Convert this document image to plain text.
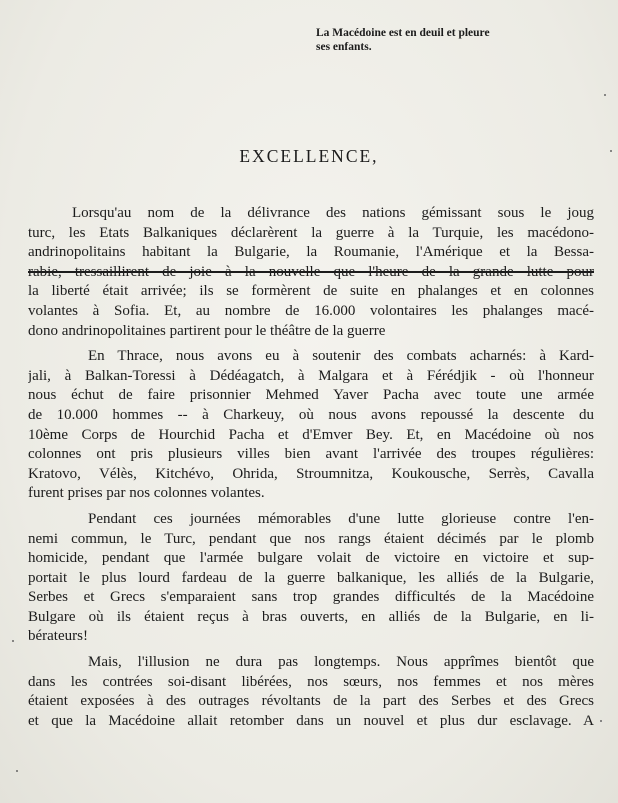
La Macédoine est en deuil et pleure

ses enfants.
EXCELLENCE,
Lorsqu'au nom de la délivrance des nations gémissant sous le joug
turc, les Etats Balkaniques déclarèrent la guerre à la Turquie, les macédono-
andrinopolitains habitant la Bulgarie, la Roumanie, l'Amérique et la Bessa-
rabie, tressaillirent de joie à la nouvelle que l'heure de la grande lutte pour
la liberté était arrivée; ils se formèrent de suite en phalanges et en colonnes
volantes à Sofia. Et, au nombre de 16.000 volontaires les phalanges macé-
dono andrinopolitaines partirent pour le théâtre de la guerre
En Thrace, nous avons eu à soutenir des combats acharnés: à Kard-
jali, à Balkan-Toressi à Dédéagatch, à Malgara et à Férédjik - où l'honneur
nous échut de faire prisonnier Mehmed Yaver Pacha avec toute une armée
de 10.000 hommes -- à Charkeuy, où nous avons repoussé la descente du
10ème Corps de Hourchid Pacha et d'Emver Bey. Et, en Macédoine où nos
colonnes ont pris plusieurs villes bien avant l'arrivée des troupes régulières:
Kratovo, Vélès, Kitchévo, Ohrida, Stroumnitza, Koukousche, Serrès, Cavalla
furent prises par nos colonnes volantes.
Pendant ces journées mémorables d'une lutte glorieuse contre l'en-
nemi commun, le Turc, pendant que nos rangs étaient décimés par le plomb
homicide, pendant que l'armée bulgare volait de victoire en victoire et sup-
portait le plus lourd fardeau de la guerre balkanique, les alliés de la Bulgarie,
Serbes et Grecs s'emparaient sans trop grandes difficultés de la Macédoine
Bulgare où ils étaient reçus à bras ouverts, en alliés de la Bulgarie, en li-
bérateurs!
Mais, l'illusion ne dura pas longtemps. Nous apprîmes bientôt que
dans les contrées soi-disant libérées, nos sœurs, nos femmes et nos mères
étaient exposées à des outrages révoltants de la part des Serbes et des Grecs
et que la Macédoine allait retomber dans un nouvel et plus dur esclavage. A
